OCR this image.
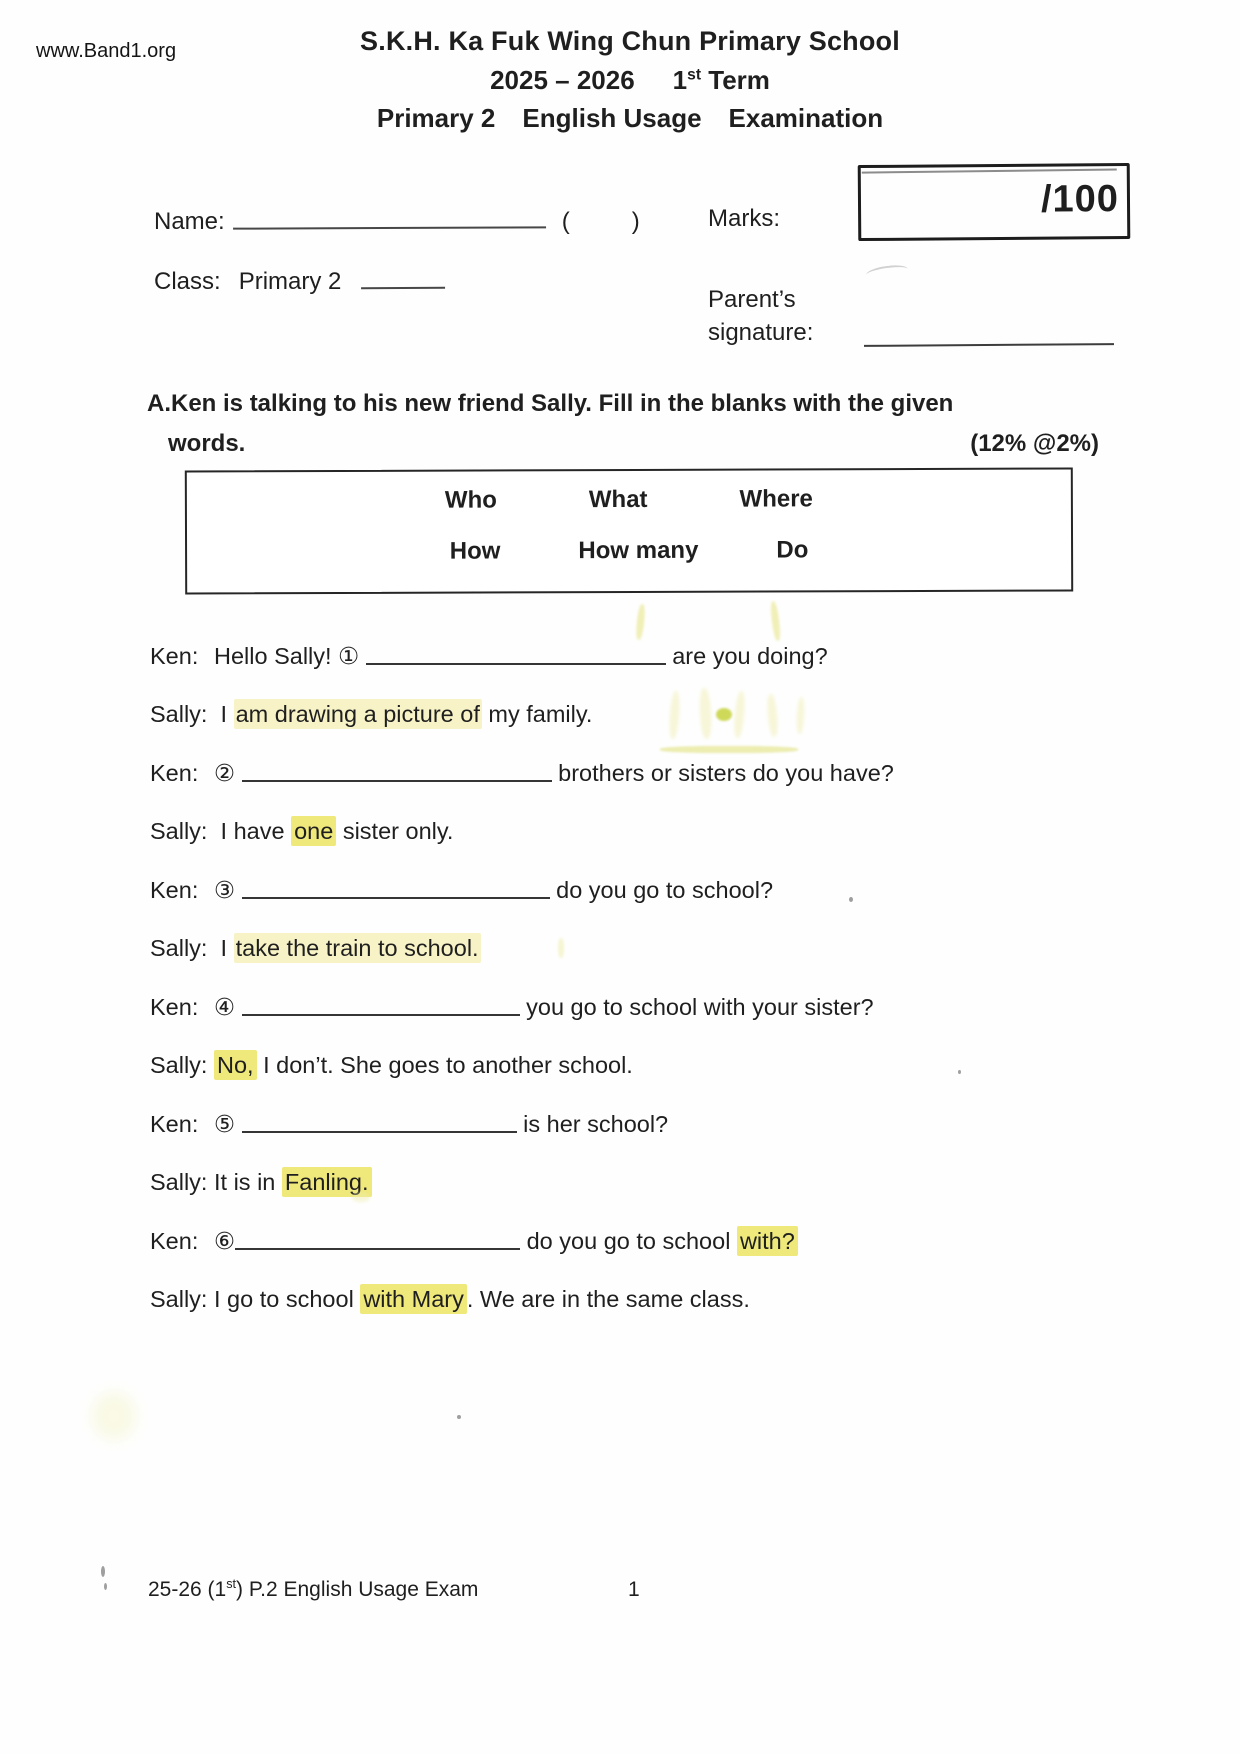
www.Band1.org	S.K.H. Ka Fuk Wing Chun Primary School
2025 – 2026 1st Term
Primary 2 English Usage Examination
Name:	(	)	Marks:	/100
Class: Primary 2
Parent’s
signature:
A.Ken is talking to his new friend Sally. Fill in the blanks with the given
words.	(12% @2%)
Who	What	Where
How	How many	Do
Ken: Hello Sally! ①	are you doing?
Sally: I am drawing a picture of my family.
Ken: ②	brothers or sisters do you have?
Sally: I have one sister only.
Ken: ③	do you go to school?
Sally: I take the train to school.
Ken: ④	you go to school with your sister?
Sally: No, I don’t. She goes to another school.
Ken: ⑤	is her school?
Sally: It is in Fanling.
Ken: ⑥	do you go to school with?
Sally: I go to school with Mary . We are in the same class.
25-26 (1st) P.2 English Usage Exam	1
